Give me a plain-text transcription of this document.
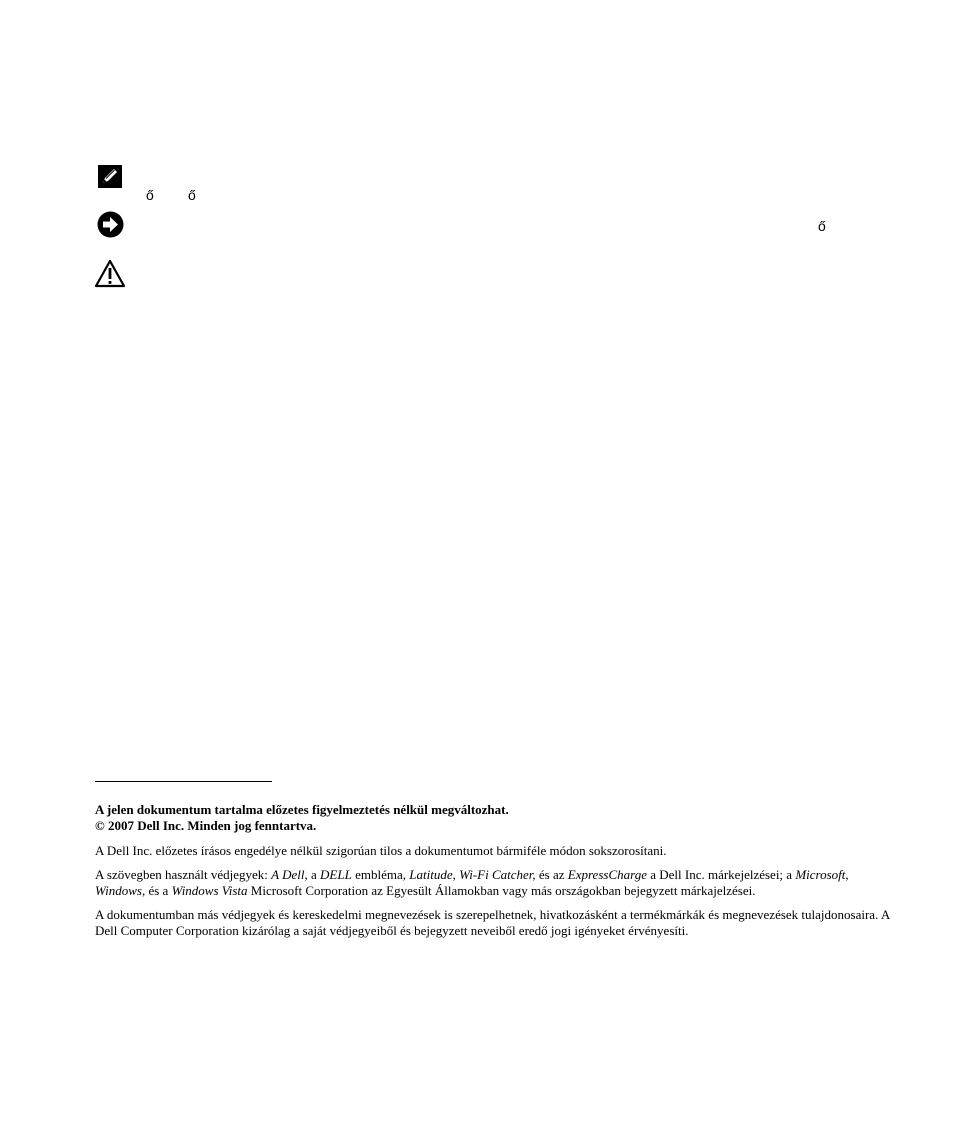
ő ő
ő

A jelen dokumentum tartalma előzetes figyelmeztetés nélkül megváltozhat.

© 2007 Dell Inc. Minden jog fenntartva.

A Dell Inc. előzetes írásos engedélye nélkül szigorúan tilos a dokumentumot bármiféle módon sokszorosítani.

A szövegben használt védjegyek: A Dell, a DELL embléma, Latitude, Wi-Fi Catcher, és az ExpressCharge a Dell Inc. márkejelzései; a Microsoft, Windows, és a Windows Vista Microsoft Corporation az Egyesült Államokban vagy más országokban bejegyzett márkajelzései.

A dokumentumban más védjegyek és kereskedelmi megnevezések is szerepelhetnek, hivatkozásként a termékmárkák és megnevezések tulajdonosaira. A Dell Computer Corporation kizárólag a saját védjegyeiből és bejegyzett neveiből eredő jogi igényeket érvényesíti.
